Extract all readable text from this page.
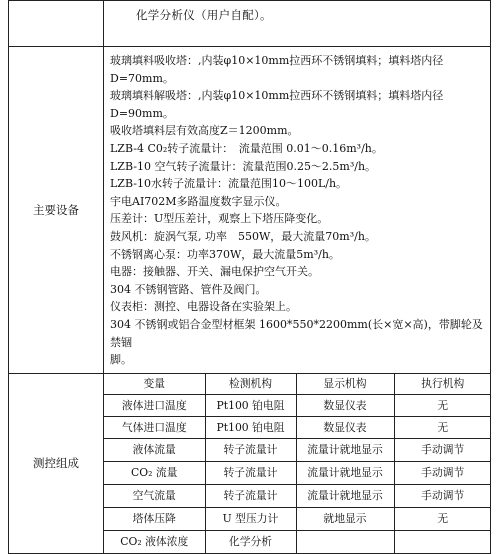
化学分析仪（用户自配）。

主要设备	
玻璃填料吸收塔：,内装φ10×10mm拉西环不锈钢填料；填料塔内径
D=70mm。
玻璃填料解吸塔：,内装φ10×10mm拉西环不锈钢填料；填料塔内径
D=90mm。
吸收塔填料层有效高度Z＝1200mm。
LZB-4 C0₂转子流量计：　流量范围 0.01～0.16m³/h。
LZB-10 空气转子流量计：流量范围0.25～2.5m³/h。
LZB-10水转子流量计：流量范围10～100L/h。
宇电AI702M多路温度数字显示仪。
压差计：U型压差计，观察上下塔压降变化。
鼓风机：旋涡气泵, 功率　550W，最大流量70m³/h。
不锈钢离心泵：功率370W，最大流量5m³/h。
电器：接触器、开关、漏电保护空气开关。
304 不锈钢管路、管件及阀门。
仪表柜：测控、电器设备在实验架上。
304 不锈钢或铝合金型材框架 1600*550*2200mm(长×宽×高)，带脚轮及禁锢
脚。

测控组成	
变量	检测机构	显示机构	执行机构
液体进口温度	Pt100 铂电阻	数显仪表	无
气体进口温度	Pt100 铂电阻	数显仪表	无
液体流量	转子流量计	流量计就地显示	手动调节
CO₂ 流量	转子流量计	流量计就地显示	手动调节
空气流量	转子流量计	流量计就地显示	手动调节
塔体压降	U 型压力计	就地显示	无
CO₂ 液体浓度	化学分析		
